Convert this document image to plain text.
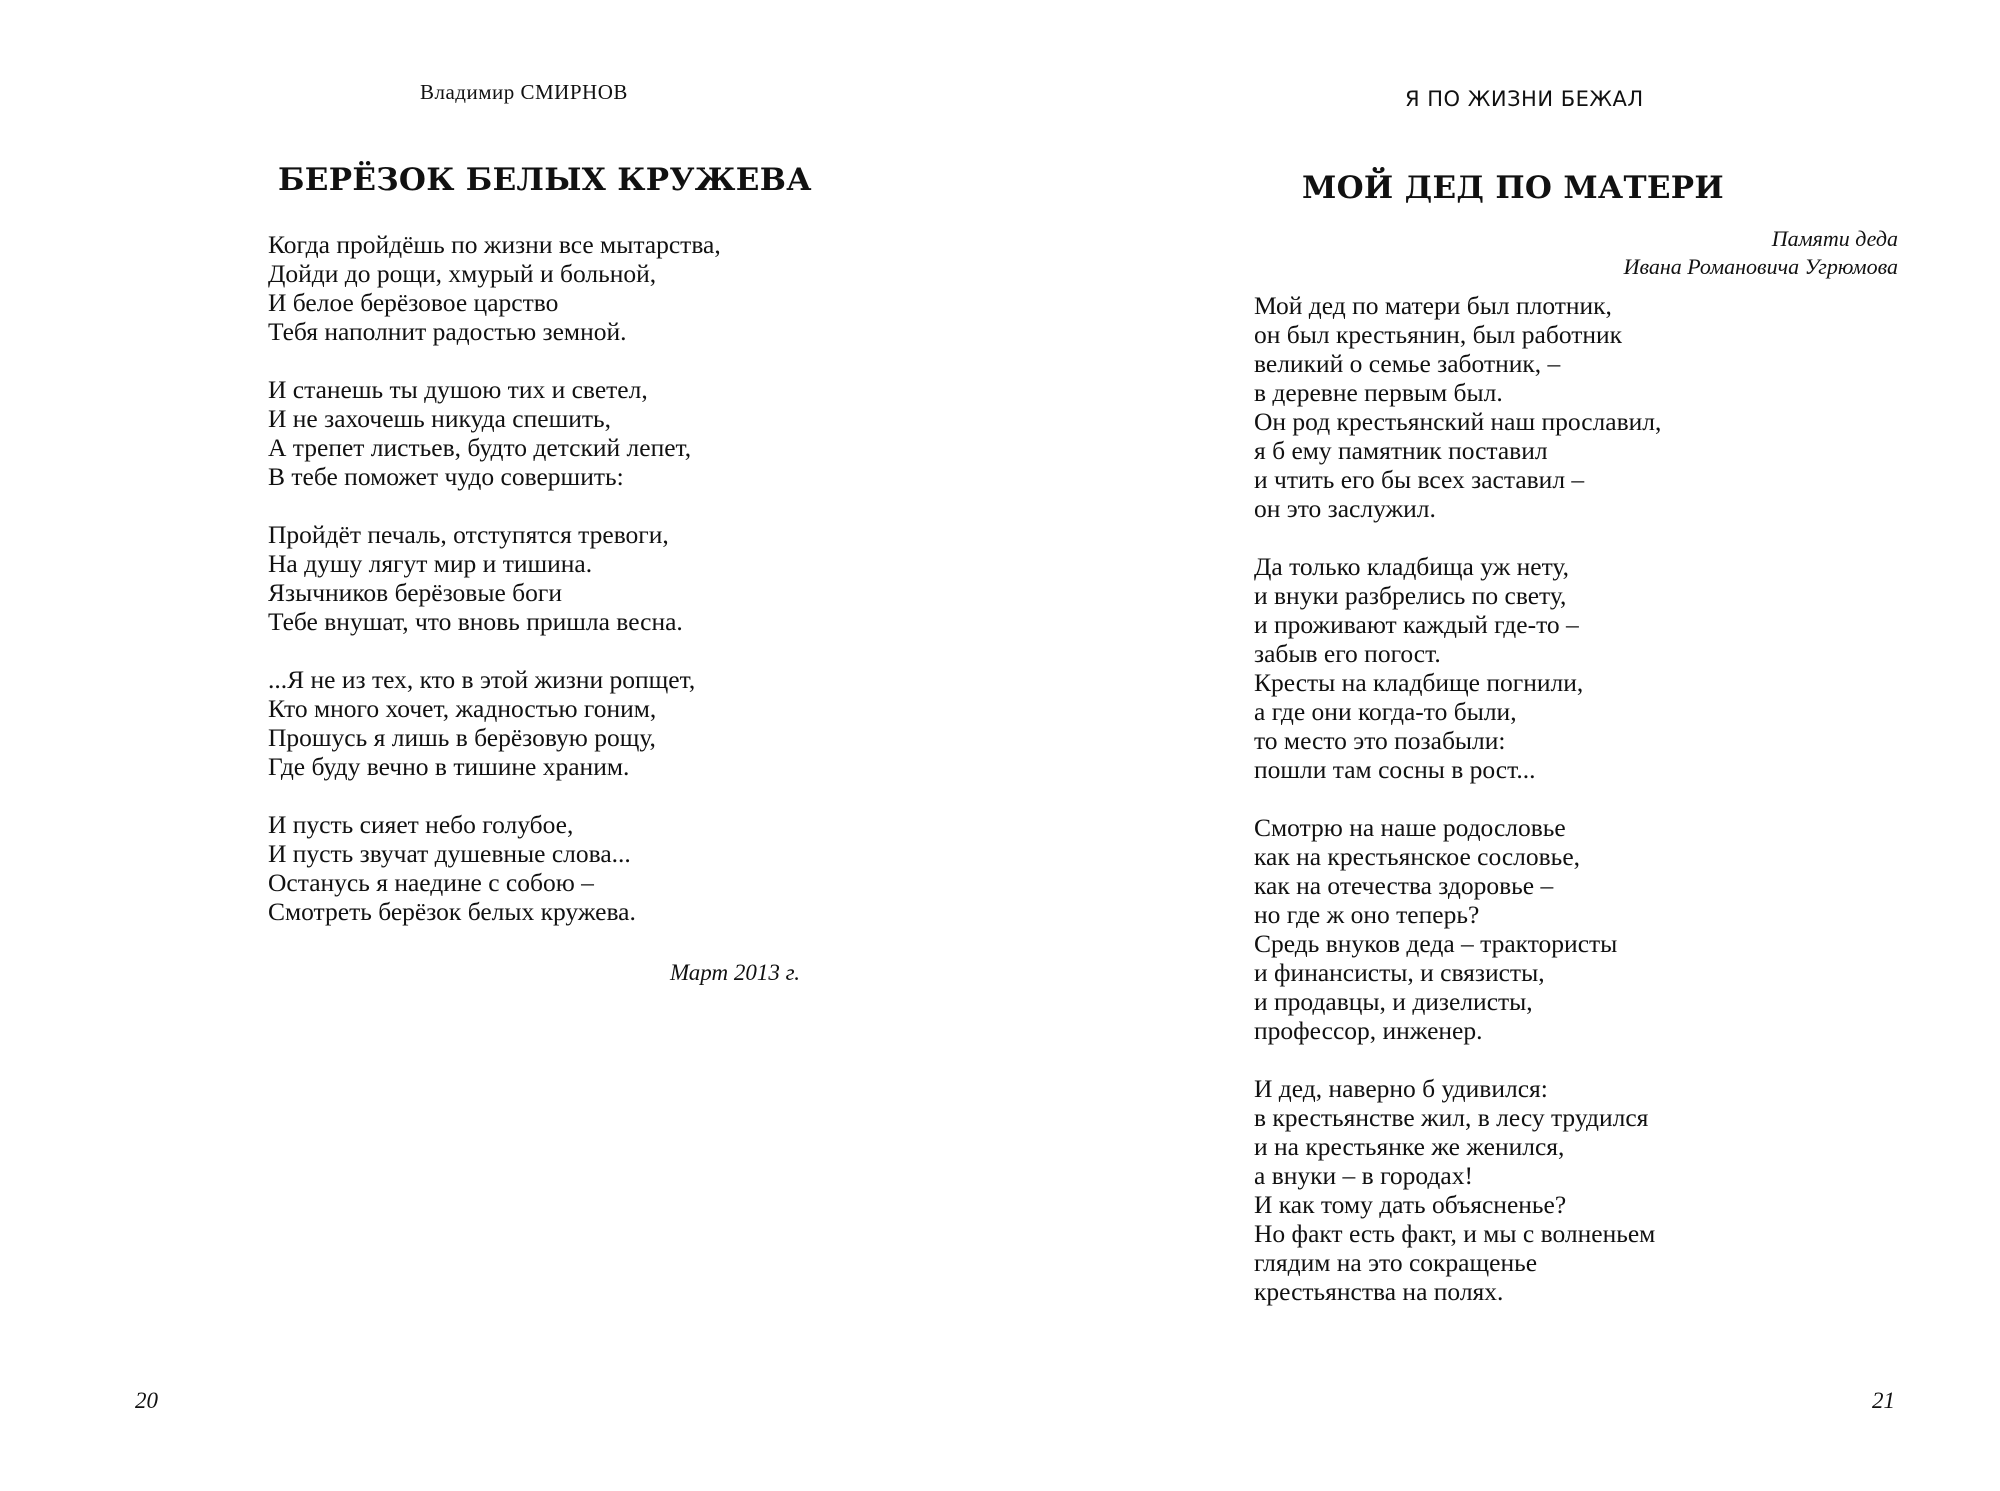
Владимир СМИРНОВ
БЕРЁЗОК БЕЛЫХ КРУЖЕВА
Когда пройдёшь по жизни все мытарства,
Дойди до рощи, хмурый и больной,
И белое берёзовое царство
Тебя наполнит радостью земной.
И станешь ты душою тих и светел,
И не захочешь никуда спешить,
А трепет листьев, будто детский лепет,
В тебе поможет чудо совершить:
Пройдёт печаль, отступятся тревоги,
На душу лягут мир и тишина.
Язычников берёзовые боги
Тебе внушат, что вновь пришла весна.
...Я не из тех, кто в этой жизни ропщет,
Кто много хочет, жадностью гоним,
Прошусь я лишь в берёзовую рощу,
Где буду вечно в тишине храним.
И пусть сияет небо голубое,
И пусть звучат душевные слова...
Останусь я наедине с собою –
Смотреть берёзок белых кружева.
Март 2013 г.
20
Я ПО ЖИЗНИ БЕЖАЛ
МОЙ ДЕД ПО МАТЕРИ
Памяти деда
Ивана Романовича Угрюмова
Мой дед по матери был плотник,
он был крестьянин, был работник
великий о семье заботник, –
в деревне первым был.
Он род крестьянский наш прославил,
я б ему памятник поставил
и чтить его бы всех заставил –
он это заслужил.
Да только кладбища уж нету,
и внуки разбрелись по свету,
и проживают каждый где-то –
забыв его погост.
Кресты на кладбище погнили,
а где они когда-то были,
то место это позабыли:
пошли там сосны в рост...
Смотрю на наше родословье
как на крестьянское сословье,
как на отечества здоровье –
но где ж оно теперь?
Средь внуков деда – трактористы
и финансисты, и связисты,
и продавцы, и дизелисты,
профессор, инженер.
И дед, наверно б удивился:
в крестьянстве жил, в лесу трудился
и на крестьянке же женился,
а внуки – в городах!
И как тому дать объясненье?
Но факт есть факт, и мы с волненьем
глядим на это сокращенье
крестьянства на полях.
21
